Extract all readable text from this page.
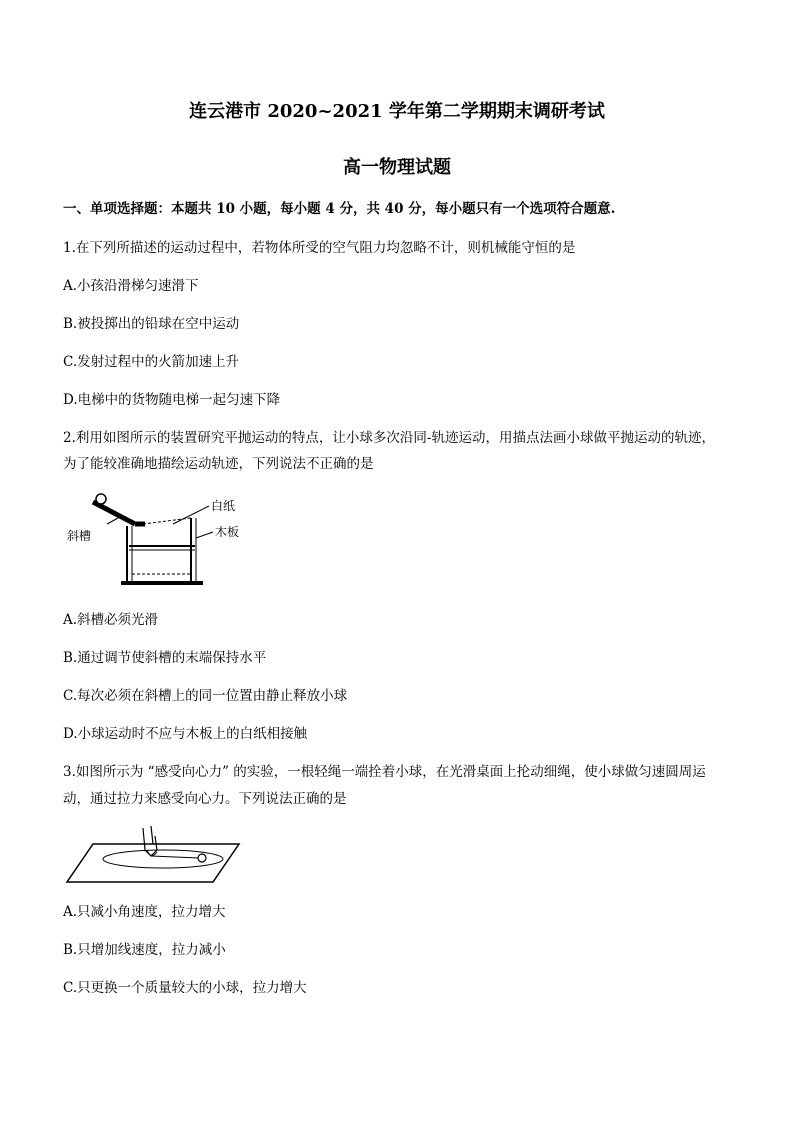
连云港市 2020~2021 学年第二学期期末调研考试
高一物理试题
一、单项选择题：本题共 10 小题，每小题 4 分，共 40 分，每小题只有一个选项符合题意.
1.在下列所描述的运动过程中，若物体所受的空气阻力均忽略不计，则机械能守恒的是
A.小孩沿滑梯匀速滑下
B.被投掷出的铅球在空中运动
C.发射过程中的火箭加速上升
D.电梯中的货物随电梯一起匀速下降
2.利用如图所示的装置研究平抛运动的特点，让小球多次沿同-轨迹运动，用描点法画小球做平抛运动的轨迹，
为了能较准确地描绘运动轨迹，下列说法不正确的是
斜槽
白纸
木板
A.斜槽必须光滑
B.通过调节使斜槽的末端保持水平
C.每次必须在斜槽上的同一位置由静止释放小球
D.小球运动时不应与木板上的白纸相接触
3.如图所示为 “感受向心力” 的实验，一根轻绳一端拴着小球，在光滑桌面上抡动细绳，使小球做匀速圆周运
动，通过拉力来感受向心力。下列说法正确的是
A.只减小角速度，拉力增大
B.只增加线速度，拉力减小
C.只更换一个质量较大的小球，拉力增大
